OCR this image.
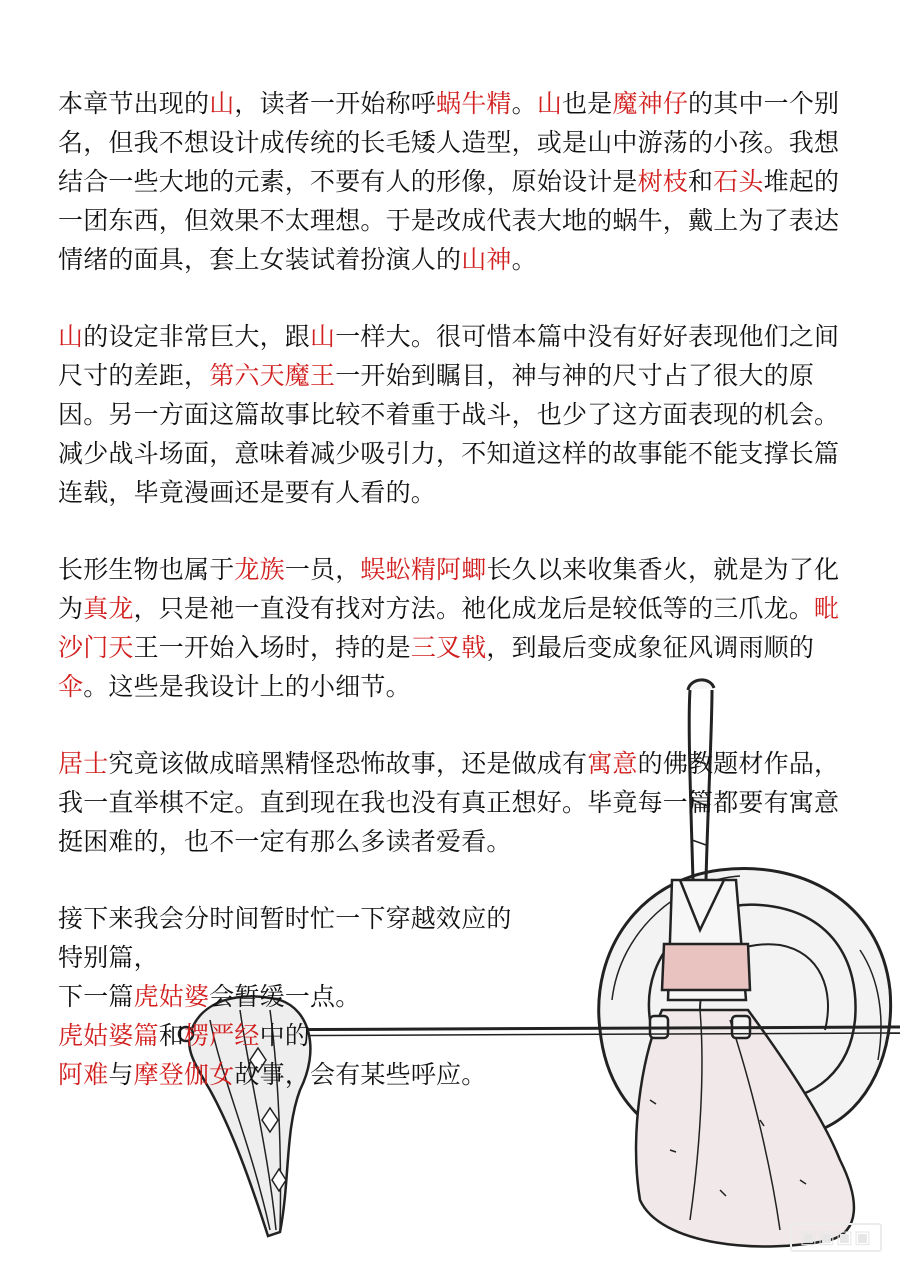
本章节出现的山，读者一开始称呼蜗牛精。山也是魔神仔的其中一个别名，但我不想设计成传统的长毛矮人造型，或是山中游荡的小孩。我想结合一些大地的元素，不要有人的形像，原始设计是树枝和石头堆起的一团东西，但效果不太理想。于是改成代表大地的蜗牛，戴上为了表达情绪的面具，套上女装试着扮演人的山神。

山的设定非常巨大，跟山一样大。很可惜本篇中没有好好表现他们之间尺寸的差距，第六天魔王一开始到瞩目，神与神的尺寸占了很大的原因。另一方面这篇故事比较不着重于战斗，也少了这方面表现的机会。减少战斗场面，意味着减少吸引力，不知道这样的故事能不能支撑长篇连载，毕竟漫画还是要有人看的。

长形生物也属于龙族一员，蜈蚣精阿蝍长久以来收集香火，就是为了化为真龙，只是祂一直没有找对方法。祂化成龙后是较低等的三爪龙。毗沙门天王一开始入场时，持的是三叉戟，到最后变成象征风调雨顺的伞。这些是我设计上的小细节。

居士究竟该做成暗黑精怪恐怖故事，还是做成有寓意的佛教题材作品，我一直举棋不定。直到现在我也没有真正想好。毕竟每一篇都要有寓意挺困难的，也不一定有那么多读者爱看。

接下来我会分时间暂时忙一下穿越效应的特别篇，
下一篇虎姑婆会暂缓一点。
虎姑婆篇和楞严经中的
阿难与摩登伽女故事，会有某些呼应。

▣▣▣▣
